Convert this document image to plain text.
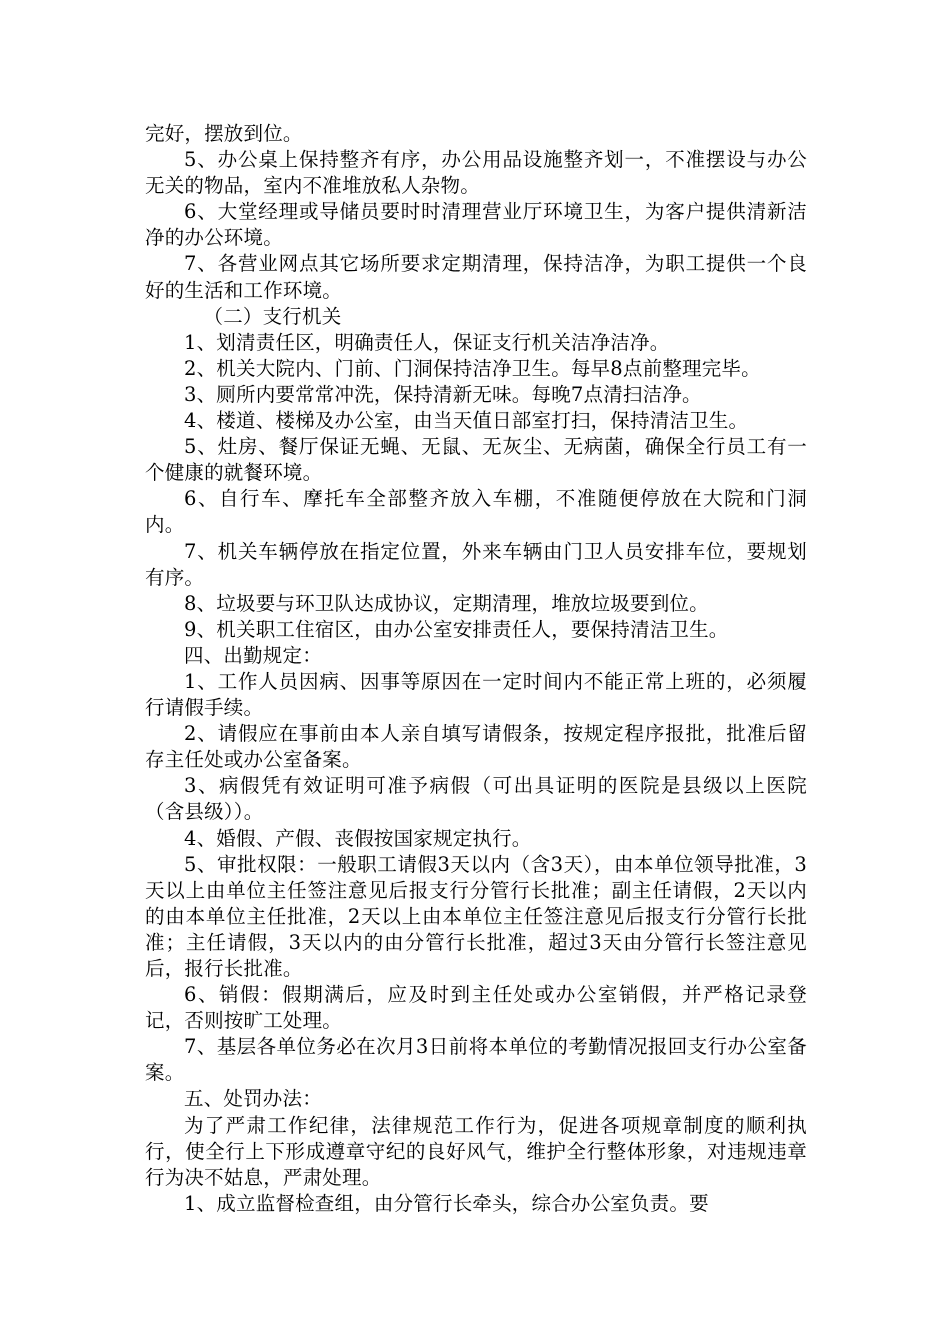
完好，摆放到位。

5、办公桌上保持整齐有序，办公用品设施整齐划一，不准摆设与办公无关的物品，室内不准堆放私人杂物。

6、大堂经理或导储员要时时清理营业厅环境卫生，为客户提供清新洁净的办公环境。

7、各营业网点其它场所要求定期清理，保持洁净，为职工提供一个良好的生活和工作环境。

（二）支行机关

1、划清责任区，明确责任人，保证支行机关洁净洁净。

2、机关大院内、门前、门洞保持洁净卫生。每早8点前整理完毕。

3、厕所内要常常冲洗，保持清新无味。每晚7点清扫洁净。

4、楼道、楼梯及办公室，由当天值日部室打扫，保持清洁卫生。

5、灶房、餐厅保证无蝇、无鼠、无灰尘、无病菌，确保全行员工有一个健康的就餐环境。

6、自行车、摩托车全部整齐放入车棚，不准随便停放在大院和门洞内。

7、机关车辆停放在指定位置，外来车辆由门卫人员安排车位，要规划有序。

8、垃圾要与环卫队达成协议，定期清理，堆放垃圾要到位。

9、机关职工住宿区，由办公室安排责任人，要保持清洁卫生。

四、出勤规定：

1、工作人员因病、因事等原因在一定时间内不能正常上班的，必须履行请假手续。

2、请假应在事前由本人亲自填写请假条，按规定程序报批，批准后留存主任处或办公室备案。

3、病假凭有效证明可准予病假（可出具证明的医院是县级以上医院（含县级））。

4、婚假、产假、丧假按国家规定执行。

5、审批权限：一般职工请假3天以内（含3天），由本单位领导批准，3天以上由单位主任签注意见后报支行分管行长批准；副主任请假，2天以内的由本单位主任批准，2天以上由本单位主任签注意见后报支行分管行长批准；主任请假，3天以内的由分管行长批准，超过3天由分管行长签注意见后，报行长批准。

6、销假：假期满后，应及时到主任处或办公室销假，并严格记录登记，否则按旷工处理。

7、基层各单位务必在次月3日前将本单位的考勤情况报回支行办公室备案。

五、处罚办法：

为了严肃工作纪律，法律规范工作行为，促进各项规章制度的顺利执行，使全行上下形成遵章守纪的良好风气，维护全行整体形象，对违规违章行为决不姑息，严肃处理。

1、成立监督检查组，由分管行长牵头，综合办公室负责。要
